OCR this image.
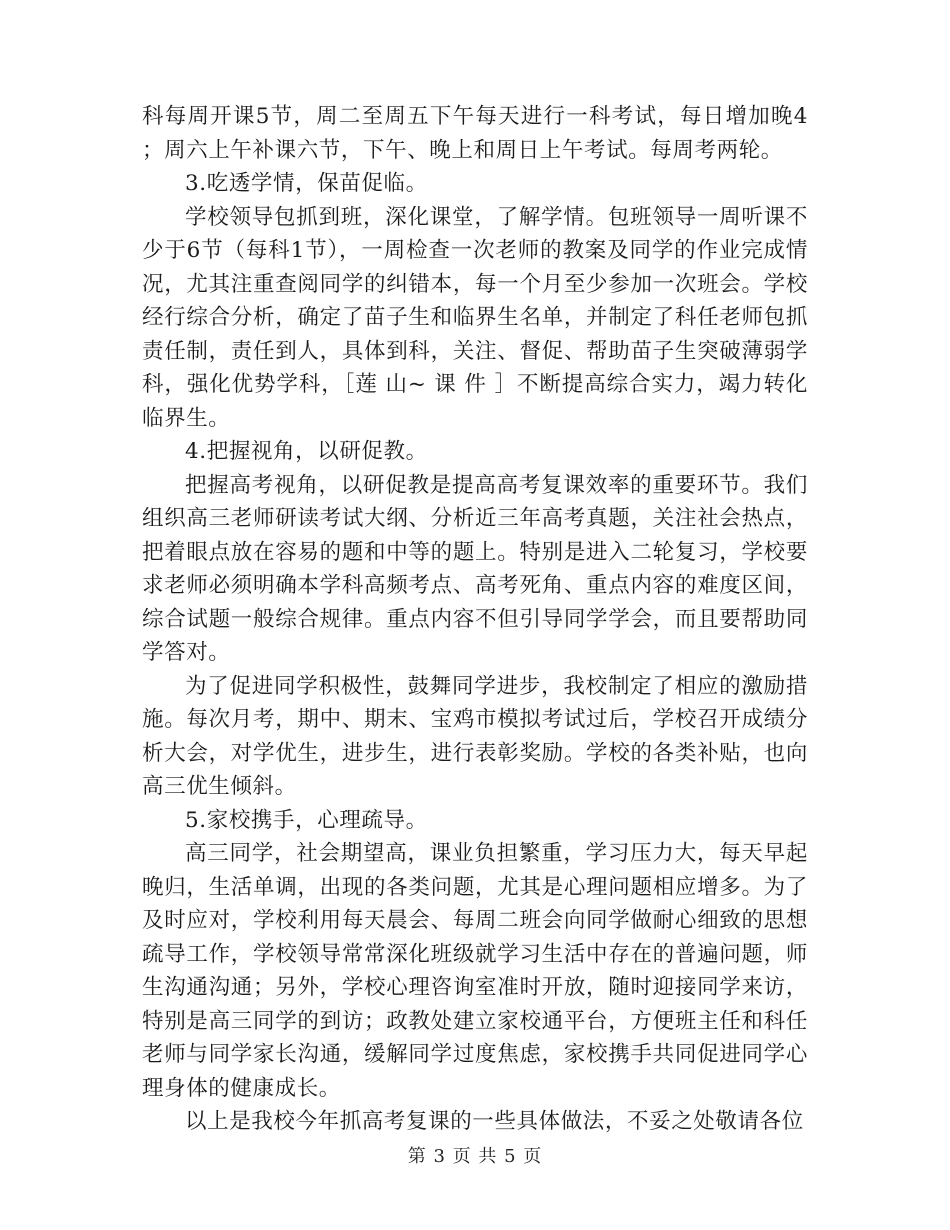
科每周开课5节，周二至周五下午每天进行一科考试，每日增加晚4；周六上午补课六节，下午、晚上和周日上午考试。每周考两轮。

3.吃透学情，保苗促临。

学校领导包抓到班，深化课堂，了解学情。包班领导一周听课不少于6节（每科1节），一周检查一次老师的教案及同学的作业完成情况，尤其注重查阅同学的纠错本，每一个月至少参加一次班会。学校经行综合分析，确定了苗子生和临界生名单，并制定了科任老师包抓责任制，责任到人，具体到科，关注、督促、帮助苗子生突破薄弱学科，强化优势学科，［莲 山~ 课 件 ］不断提高综合实力，竭力转化临界生。

4.把握视角，以研促教。

把握高考视角，以研促教是提高高考复课效率的重要环节。我们组织高三老师研读考试大纲、分析近三年高考真题，关注社会热点，把着眼点放在容易的题和中等的题上。特别是进入二轮复习，学校要求老师必须明确本学科高频考点、高考死角、重点内容的难度区间，综合试题一般综合规律。重点内容不但引导同学学会，而且要帮助同学答对。

为了促进同学积极性，鼓舞同学进步，我校制定了相应的激励措施。每次月考，期中、期末、宝鸡市模拟考试过后，学校召开成绩分析大会，对学优生，进步生，进行表彰奖励。学校的各类补贴，也向高三优生倾斜。

5.家校携手，心理疏导。

高三同学，社会期望高，课业负担繁重，学习压力大，每天早起晚归，生活单调，出现的各类问题，尤其是心理问题相应增多。为了及时应对，学校利用每天晨会、每周二班会向同学做耐心细致的思想疏导工作，学校领导常常深化班级就学习生活中存在的普遍问题，师生沟通沟通；另外，学校心理咨询室准时开放，随时迎接同学来访，特别是高三同学的到访；政教处建立家校通平台，方便班主任和科任老师与同学家长沟通，缓解同学过度焦虑，家校携手共同促进同学心理身体的健康成长。

以上是我校今年抓高考复课的一些具体做法，不妥之处敬请各位

第 3 页 共 5 页
